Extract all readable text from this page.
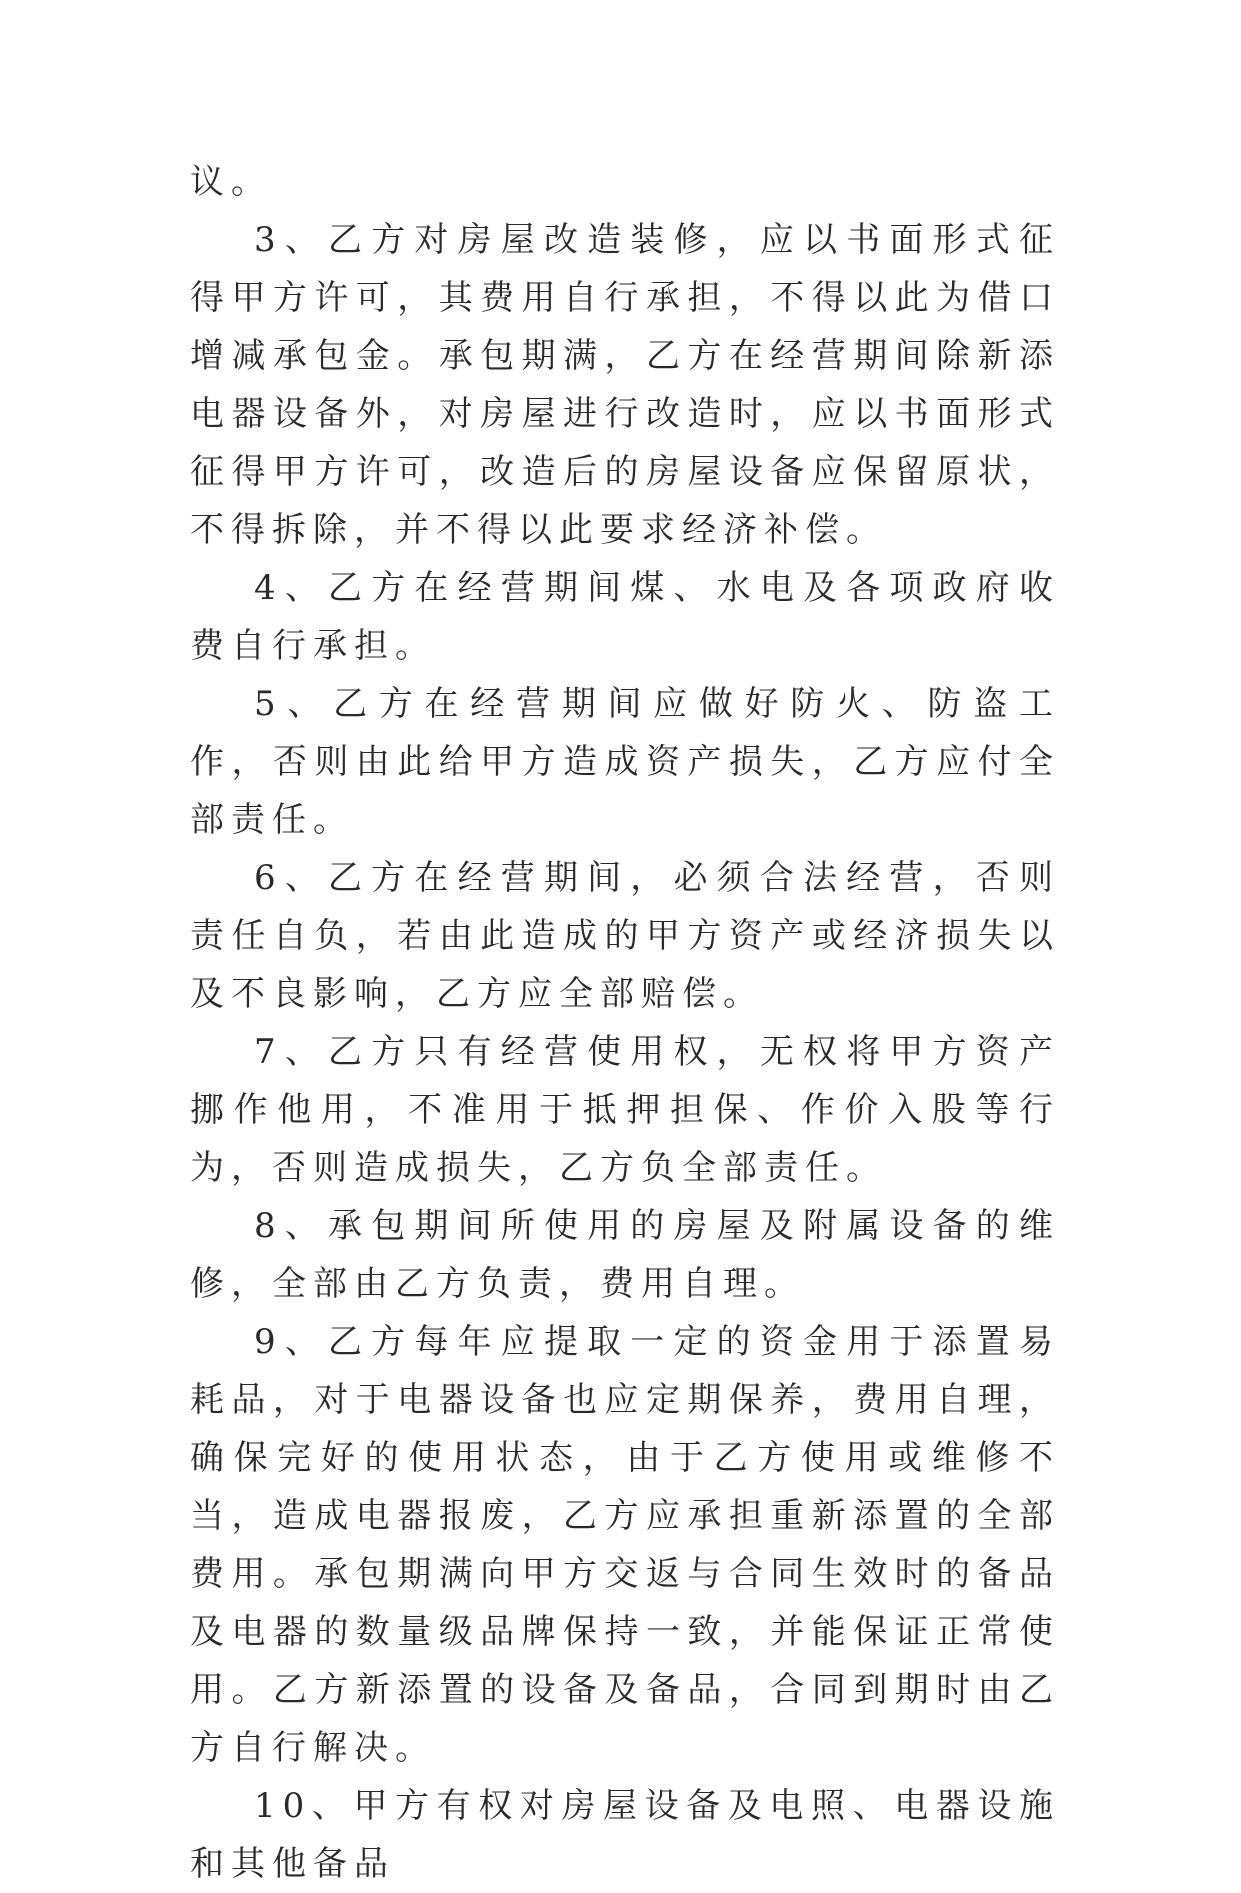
议。

3、乙方对房屋改造装修，应以书面形式征得甲方许可，其费用自行承担，不得以此为借口增减承包金。承包期满，乙方在经营期间除新添电器设备外，对房屋进行改造时，应以书面形式征得甲方许可，改造后的房屋设备应保留原状，不得拆除，并不得以此要求经济补偿。

4、乙方在经营期间煤、水电及各项政府收费自行承担。

5、乙方在经营期间应做好防火、防盗工作，否则由此给甲方造成资产损失，乙方应付全部责任。

6、乙方在经营期间，必须合法经营，否则责任自负，若由此造成的甲方资产或经济损失以及不良影响，乙方应全部赔偿。

7、乙方只有经营使用权，无权将甲方资产挪作他用，不准用于抵押担保、作价入股等行为，否则造成损失，乙方负全部责任。

8、承包期间所使用的房屋及附属设备的维修，全部由乙方负责，费用自理。

9、乙方每年应提取一定的资金用于添置易耗品，对于电器设备也应定期保养，费用自理，确保完好的使用状态，由于乙方使用或维修不当，造成电器报废，乙方应承担重新添置的全部费用。承包期满向甲方交返与合同生效时的备品及电器的数量级品牌保持一致，并能保证正常使用。乙方新添置的设备及备品，合同到期时由乙方自行解决。

10、甲方有权对房屋设备及电照、电器设施和其他备品
